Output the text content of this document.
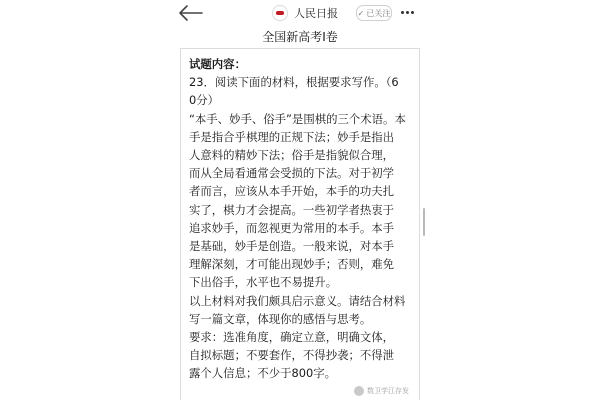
人民日报 ✓ 已关注
全国新高考Ⅰ卷
试题内容：
23．阅读下面的材料，根据要求写作。（6
0分）
“本手、妙手、俗手”是围棋的三个术语。本
手是指合乎棋理的正规下法；妙手是指出
人意料的精妙下法；俗手是指貌似合理，
而从全局看通常会受损的下法。对于初学
者而言，应该从本手开始，本手的功夫扎
实了，棋力才会提高。一些初学者热衷于
追求妙手，而忽视更为常用的本手。本手
是基础，妙手是创造。一般来说，对本手
理解深刻，才可能出现妙手；否则，难免
下出俗手，水平也不易提升。
以上材料对我们颇具启示意义。请结合材料
写一篇文章，体现你的感悟与思考。
要求：选准角度，确定立意，明确文体，
自拟标题；不要套作，不得抄袭；不得泄
露个人信息；不少于800字。
数卫学江存发
